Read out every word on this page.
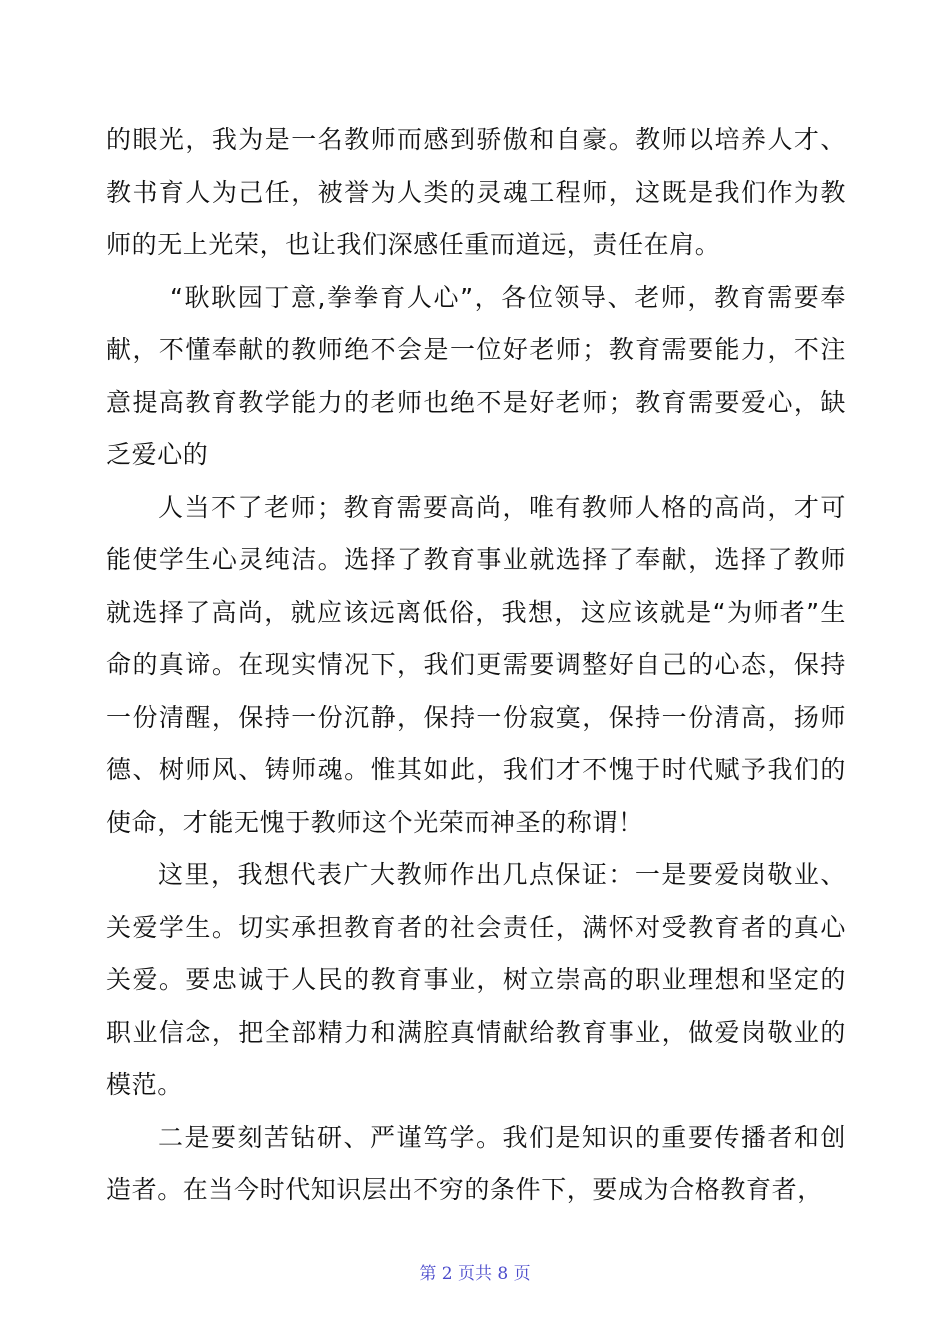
的眼光，我为是一名教师而感到骄傲和自豪。教师以培养人才、教书育人为己任，被誉为人类的灵魂工程师，这既是我们作为教师的无上光荣，也让我们深感任重而道远，责任在肩。

“耿耿园丁意,拳拳育人心”，各位领导、老师，教育需要奉献，不懂奉献的教师绝不会是一位好老师；教育需要能力，不注意提高教育教学能力的老师也绝不是好老师；教育需要爱心，缺乏爱心的

人当不了老师；教育需要高尚，唯有教师人格的高尚，才可能使学生心灵纯洁。选择了教育事业就选择了奉献，选择了教师就选择了高尚，就应该远离低俗，我想，这应该就是“为师者”生命的真谛。在现实情况下，我们更需要调整好自己的心态，保持一份清醒，保持一份沉静，保持一份寂寞，保持一份清高，扬师德、树师风、铸师魂。惟其如此，我们才不愧于时代赋予我们的使命，才能无愧于教师这个光荣而神圣的称谓！

这里，我想代表广大教师作出几点保证：一是要爱岗敬业、关爱学生。切实承担教育者的社会责任，满怀对受教育者的真心关爱。要忠诚于人民的教育事业，树立崇高的职业理想和坚定的职业信念，把全部精力和满腔真情献给教育事业，做爱岗敬业的模范。

二是要刻苦钻研、严谨笃学。我们是知识的重要传播者和创造者。在当今时代知识层出不穷的条件下，要成为合格教育者，

第 2 页共 8 页
